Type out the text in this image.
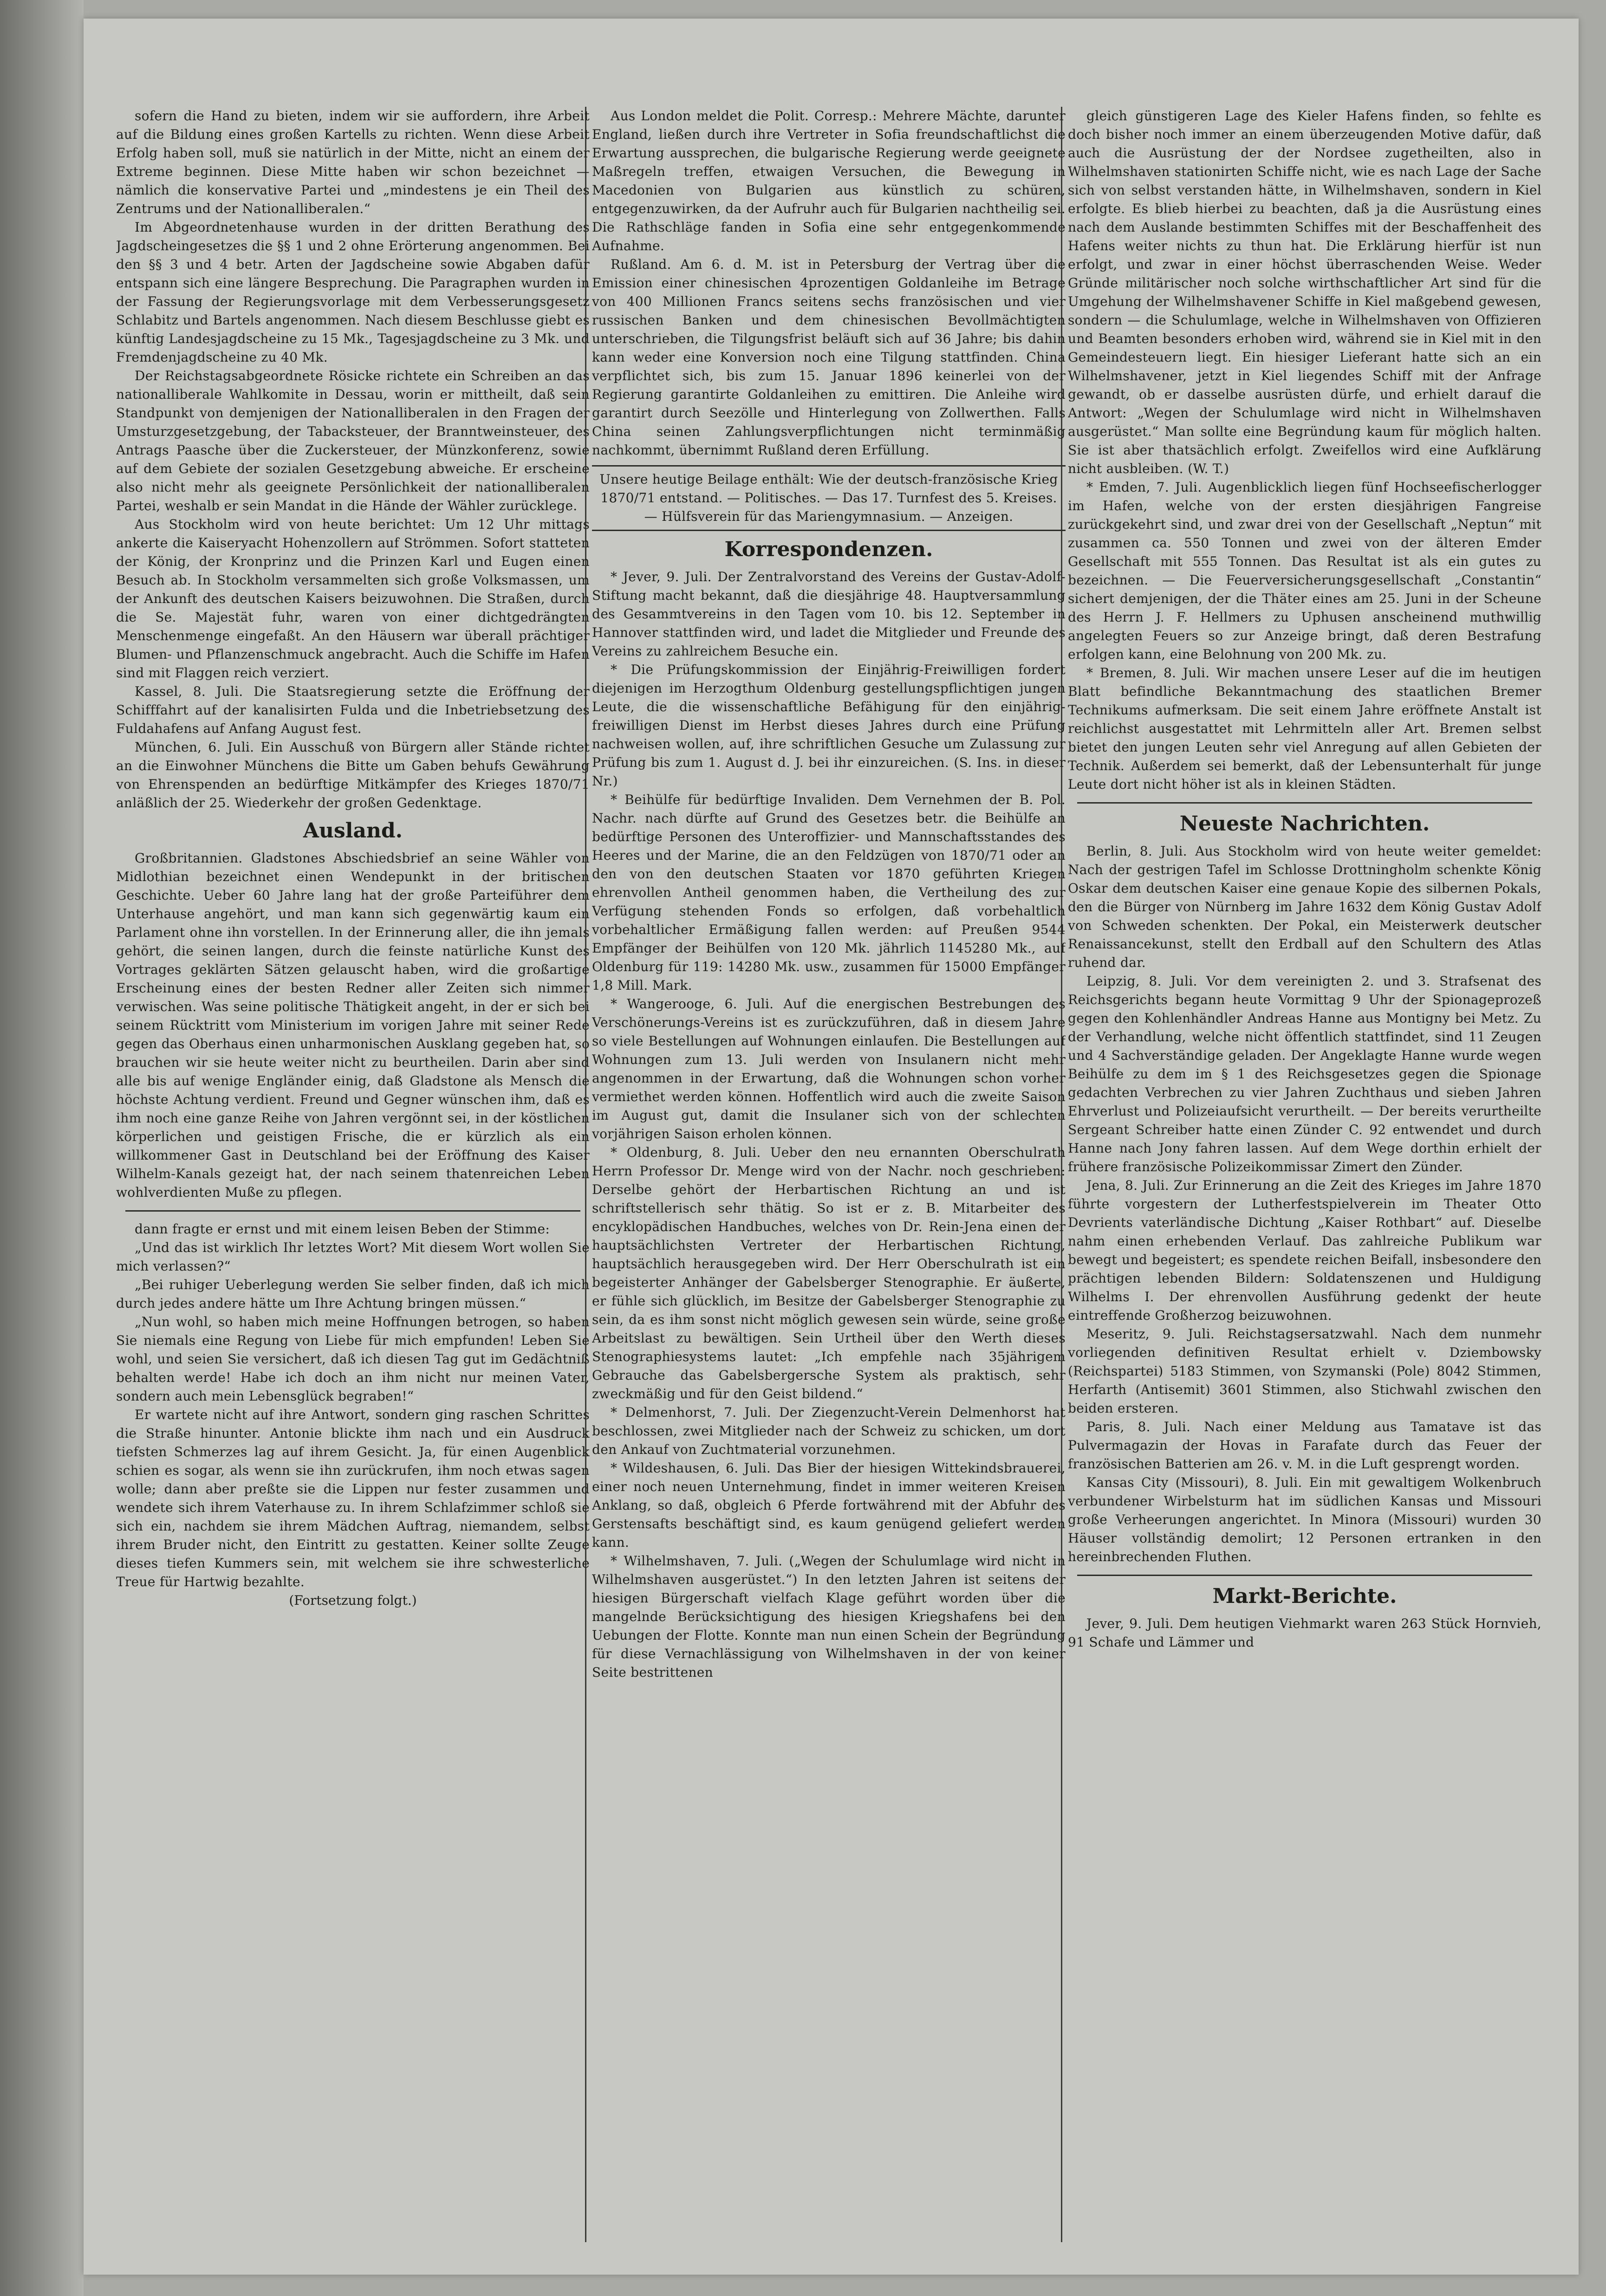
sofern die Hand zu bieten, indem wir sie auffordern, ihre Arbeit auf die Bildung eines großen Kartells zu richten. Wenn diese Arbeit Erfolg haben soll, muß sie natürlich in der Mitte, nicht an einem der Extreme beginnen. Diese Mitte haben wir schon bezeichnet — nämlich die konservative Partei und „mindestens je ein Theil des Zentrums und der Nationalliberalen.“

Im Abgeordnetenhause wurden in der dritten Berathung des Jagdscheingesetzes die §§ 1 und 2 ohne Erörterung angenommen. Bei den §§ 3 und 4 betr. Arten der Jagdscheine sowie Abgaben dafür entspann sich eine längere Besprechung. Die Paragraphen wurden in der Fassung der Regierungsvorlage mit dem Verbesserungsgesetz Schlabitz und Bartels angenommen. Nach diesem Beschlusse giebt es künftig Landesjagdscheine zu 15 Mk., Tagesjagdscheine zu 3 Mk. und Fremdenjagdscheine zu 40 Mk.

Der Reichstagsabgeordnete Rösicke richtete ein Schreiben an das nationalliberale Wahlkomite in Dessau, worin er mittheilt, daß sein Standpunkt von demjenigen der Nationalliberalen in den Fragen der Umsturzgesetzgebung, der Tabacksteuer, der Branntweinsteuer, des Antrags Paasche über die Zuckersteuer, der Münzkonferenz, sowie auf dem Gebiete der sozialen Gesetzgebung abweiche. Er erscheine also nicht mehr als geeignete Persönlichkeit der nationalliberalen Partei, weshalb er sein Mandat in die Hände der Wähler zurücklege.

Aus Stockholm wird von heute berichtet: Um 12 Uhr mittags ankerte die Kaiseryacht Hohenzollern auf Strömmen. Sofort statteten der König, der Kronprinz und die Prinzen Karl und Eugen einen Besuch ab. In Stockholm versammelten sich große Volksmassen, um der Ankunft des deutschen Kaisers beizuwohnen. Die Straßen, durch die Se. Majestät fuhr, waren von einer dichtgedrängten Menschenmenge eingefaßt. An den Häusern war überall prächtiger Blumen- und Pflanzenschmuck angebracht. Auch die Schiffe im Hafen sind mit Flaggen reich verziert.

Kassel, 8. Juli. Die Staatsregierung setzte die Eröffnung der Schifffahrt auf der kanalisirten Fulda und die Inbetriebsetzung des Fuldahafens auf Anfang August fest.

München, 6. Juli. Ein Ausschuß von Bürgern aller Stände richtet an die Einwohner Münchens die Bitte um Gaben behufs Gewährung von Ehrenspenden an bedürftige Mitkämpfer des Krieges 1870/71 anläßlich der 25. Wiederkehr der großen Gedenktage.

Ausland.

Großbritannien. Gladstones Abschiedsbrief an seine Wähler von Midlothian bezeichnet einen Wendepunkt in der britischen Geschichte. Ueber 60 Jahre lang hat der große Parteiführer dem Unterhause angehört, und man kann sich gegenwärtig kaum ein Parlament ohne ihn vorstellen. In der Erinnerung aller, die ihn jemals gehört, die seinen langen, durch die feinste natürliche Kunst des Vortrages geklärten Sätzen gelauscht haben, wird die großartige Erscheinung eines der besten Redner aller Zeiten sich nimmer verwischen. Was seine politische Thätigkeit angeht, in der er sich bei seinem Rücktritt vom Ministerium im vorigen Jahre mit seiner Rede gegen das Oberhaus einen unharmonischen Ausklang gegeben hat, so brauchen wir sie heute weiter nicht zu beurtheilen. Darin aber sind alle bis auf wenige Engländer einig, daß Gladstone als Mensch die höchste Achtung verdient. Freund und Gegner wünschen ihm, daß es ihm noch eine ganze Reihe von Jahren vergönnt sei, in der köstlichen körperlichen und geistigen Frische, die er kürzlich als ein willkommener Gast in Deutschland bei der Eröffnung des Kaiser Wilhelm-Kanals gezeigt hat, der nach seinem thatenreichen Leben wohlverdienten Muße zu pflegen.

dann fragte er ernst und mit einem leisen Beben der Stimme:

„Und das ist wirklich Ihr letztes Wort? Mit diesem Wort wollen Sie mich verlassen?“

„Bei ruhiger Ueberlegung werden Sie selber finden, daß ich mich durch jedes andere hätte um Ihre Achtung bringen müssen.“

„Nun wohl, so haben mich meine Hoffnungen betrogen, so haben Sie niemals eine Regung von Liebe für mich empfunden! Leben Sie wohl, und seien Sie versichert, daß ich diesen Tag gut im Gedächtniß behalten werde! Habe ich doch an ihm nicht nur meinen Vater, sondern auch mein Lebensglück begraben!“

Er wartete nicht auf ihre Antwort, sondern ging raschen Schrittes die Straße hinunter. Antonie blickte ihm nach und ein Ausdruck tiefsten Schmerzes lag auf ihrem Gesicht. Ja, für einen Augenblick schien es sogar, als wenn sie ihn zurückrufen, ihm noch etwas sagen wolle; dann aber preßte sie die Lippen nur fester zusammen und wendete sich ihrem Vaterhause zu. In ihrem Schlafzimmer schloß sie sich ein, nachdem sie ihrem Mädchen Auftrag, niemandem, selbst ihrem Bruder nicht, den Eintritt zu gestatten. Keiner sollte Zeuge dieses tiefen Kummers sein, mit welchem sie ihre schwesterliche Treue für Hartwig bezahlte.

(Fortsetzung folgt.)

Aus London meldet die Polit. Corresp.: Mehrere Mächte, darunter England, ließen durch ihre Vertreter in Sofia freundschaftlichst die Erwartung aussprechen, die bulgarische Regierung werde geeignete Maßregeln treffen, etwaigen Versuchen, die Bewegung in Macedonien von Bulgarien aus künstlich zu schüren, entgegenzuwirken, da der Aufruhr auch für Bulgarien nachtheilig sei. Die Rathschläge fanden in Sofia eine sehr entgegenkommende Aufnahme.

Rußland. Am 6. d. M. ist in Petersburg der Vertrag über die Emission einer chinesischen 4prozentigen Goldanleihe im Betrage von 400 Millionen Francs seitens sechs französischen und vier russischen Banken und dem chinesischen Bevollmächtigten unterschrieben, die Tilgungsfrist beläuft sich auf 36 Jahre; bis dahin kann weder eine Konversion noch eine Tilgung stattfinden. China verpflichtet sich, bis zum 15. Januar 1896 keinerlei von der Regierung garantirte Goldanleihen zu emittiren. Die Anleihe wird garantirt durch Seezölle und Hinterlegung von Zollwerthen. Falls China seinen Zahlungsverpflichtungen nicht terminmäßig nachkommt, übernimmt Rußland deren Erfüllung.

Unsere heutige Beilage enthält: Wie der deutsch-französische Krieg 1870/71 entstand. — Politisches. — Das 17. Turnfest des 5. Kreises. — Hülfsverein für das Mariengymnasium. — Anzeigen.

Korrespondenzen.

* Jever, 9. Juli. Der Zentralvorstand des Vereins der Gustav-Adolf-Stiftung macht bekannt, daß die diesjährige 48. Hauptversammlung des Gesammtvereins in den Tagen vom 10. bis 12. September in Hannover stattfinden wird, und ladet die Mitglieder und Freunde des Vereins zu zahlreichem Besuche ein.

* Die Prüfungskommission der Einjährig-Freiwilligen fordert diejenigen im Herzogthum Oldenburg gestellungspflichtigen jungen Leute, die die wissenschaftliche Befähigung für den einjährig-freiwilligen Dienst im Herbst dieses Jahres durch eine Prüfung nachweisen wollen, auf, ihre schriftlichen Gesuche um Zulassung zur Prüfung bis zum 1. August d. J. bei ihr einzureichen. (S. Ins. in dieser Nr.)

* Beihülfe für bedürftige Invaliden. Dem Vernehmen der B. Pol. Nachr. nach dürfte auf Grund des Gesetzes betr. die Beihülfe an bedürftige Personen des Unteroffizier- und Mannschaftsstandes des Heeres und der Marine, die an den Feldzügen von 1870/71 oder an den von den deutschen Staaten vor 1870 geführten Kriegen ehrenvollen Antheil genommen haben, die Vertheilung des zur Verfügung stehenden Fonds so erfolgen, daß vorbehaltlich vorbehaltlicher Ermäßigung fallen werden: auf Preußen 9544 Empfänger der Beihülfen von 120 Mk. jährlich 1145280 Mk., auf Oldenburg für 119: 14280 Mk. usw., zusammen für 15000 Empfänger 1,8 Mill. Mark.

* Wangerooge, 6. Juli. Auf die energischen Bestrebungen des Verschönerungs-Vereins ist es zurückzuführen, daß in diesem Jahre so viele Bestellungen auf Wohnungen einlaufen. Die Bestellungen auf Wohnungen zum 13. Juli werden von Insulanern nicht mehr angenommen in der Erwartung, daß die Wohnungen schon vorher vermiethet werden können. Hoffentlich wird auch die zweite Saison im August gut, damit die Insulaner sich von der schlechten vorjährigen Saison erholen können.

* Oldenburg, 8. Juli. Ueber den neu ernannten Oberschulrath Herrn Professor Dr. Menge wird von der Nachr. noch geschrieben: Derselbe gehört der Herbartischen Richtung an und ist schriftstellerisch sehr thätig. So ist er z. B. Mitarbeiter des encyklopädischen Handbuches, welches von Dr. Rein-Jena einen der hauptsächlichsten Vertreter der Herbartischen Richtung, hauptsächlich herausgegeben wird. Der Herr Oberschulrath ist ein begeisterter Anhänger der Gabelsberger Stenographie. Er äußerte, er fühle sich glücklich, im Besitze der Gabelsberger Stenographie zu sein, da es ihm sonst nicht möglich gewesen sein würde, seine große Arbeitslast zu bewältigen. Sein Urtheil über den Werth dieses Stenographiesystems lautet: „Ich empfehle nach 35jährigem Gebrauche das Gabelsbergersche System als praktisch, sehr zweckmäßig und für den Geist bildend.“

* Delmenhorst, 7. Juli. Der Ziegenzucht-Verein Delmenhorst hat beschlossen, zwei Mitglieder nach der Schweiz zu schicken, um dort den Ankauf von Zuchtmaterial vorzunehmen.

* Wildeshausen, 6. Juli. Das Bier der hiesigen Wittekindsbrauerei, einer noch neuen Unternehmung, findet in immer weiteren Kreisen Anklang, so daß, obgleich 6 Pferde fortwährend mit der Abfuhr des Gerstensafts beschäftigt sind, es kaum genügend geliefert werden kann.

* Wilhelmshaven, 7. Juli. („Wegen der Schulumlage wird nicht in Wilhelmshaven ausgerüstet.“) In den letzten Jahren ist seitens der hiesigen Bürgerschaft vielfach Klage geführt worden über die mangelnde Berücksichtigung des hiesigen Kriegshafens bei den Uebungen der Flotte. Konnte man nun einen Schein der Begründung für diese Vernachlässigung von Wilhelmshaven in der von keiner Seite bestrittenen

gleich günstigeren Lage des Kieler Hafens finden, so fehlte es doch bisher noch immer an einem überzeugenden Motive dafür, daß auch die Ausrüstung der der Nordsee zugetheilten, also in Wilhelmshaven stationirten Schiffe nicht, wie es nach Lage der Sache sich von selbst verstanden hätte, in Wilhelmshaven, sondern in Kiel erfolgte. Es blieb hierbei zu beachten, daß ja die Ausrüstung eines nach dem Auslande bestimmten Schiffes mit der Beschaffenheit des Hafens weiter nichts zu thun hat. Die Erklärung hierfür ist nun erfolgt, und zwar in einer höchst überraschenden Weise. Weder Gründe militärischer noch solche wirthschaftlicher Art sind für die Umgehung der Wilhelmshavener Schiffe in Kiel maßgebend gewesen, sondern — die Schulumlage, welche in Wilhelmshaven von Offizieren und Beamten besonders erhoben wird, während sie in Kiel mit in den Gemeindesteuern liegt. Ein hiesiger Lieferant hatte sich an ein Wilhelmshavener, jetzt in Kiel liegendes Schiff mit der Anfrage gewandt, ob er dasselbe ausrüsten dürfe, und erhielt darauf die Antwort: „Wegen der Schulumlage wird nicht in Wilhelmshaven ausgerüstet.“ Man sollte eine Begründung kaum für möglich halten. Sie ist aber thatsächlich erfolgt. Zweifellos wird eine Aufklärung nicht ausbleiben. (W. T.)

* Emden, 7. Juli. Augenblicklich liegen fünf Hochseefischerlogger im Hafen, welche von der ersten diesjährigen Fangreise zurückgekehrt sind, und zwar drei von der Gesellschaft „Neptun“ mit zusammen ca. 550 Tonnen und zwei von der älteren Emder Gesellschaft mit 555 Tonnen. Das Resultat ist als ein gutes zu bezeichnen. — Die Feuerversicherungsgesellschaft „Constantin“ sichert demjenigen, der die Thäter eines am 25. Juni in der Scheune des Herrn J. F. Hellmers zu Uphusen anscheinend muthwillig angelegten Feuers so zur Anzeige bringt, daß deren Bestrafung erfolgen kann, eine Belohnung von 200 Mk. zu.

* Bremen, 8. Juli. Wir machen unsere Leser auf die im heutigen Blatt befindliche Bekanntmachung des staatlichen Bremer Technikums aufmerksam. Die seit einem Jahre eröffnete Anstalt ist reichlichst ausgestattet mit Lehrmitteln aller Art. Bremen selbst bietet den jungen Leuten sehr viel Anregung auf allen Gebieten der Technik. Außerdem sei bemerkt, daß der Lebensunterhalt für junge Leute dort nicht höher ist als in kleinen Städten.

Neueste Nachrichten.

Berlin, 8. Juli. Aus Stockholm wird von heute weiter gemeldet: Nach der gestrigen Tafel im Schlosse Drottningholm schenkte König Oskar dem deutschen Kaiser eine genaue Kopie des silbernen Pokals, den die Bürger von Nürnberg im Jahre 1632 dem König Gustav Adolf von Schweden schenkten. Der Pokal, ein Meisterwerk deutscher Renaissancekunst, stellt den Erdball auf den Schultern des Atlas ruhend dar.

Leipzig, 8. Juli. Vor dem vereinigten 2. und 3. Strafsenat des Reichsgerichts begann heute Vormittag 9 Uhr der Spionageprozeß gegen den Kohlenhändler Andreas Hanne aus Montigny bei Metz. Zu der Verhandlung, welche nicht öffentlich stattfindet, sind 11 Zeugen und 4 Sachverständige geladen. Der Angeklagte Hanne wurde wegen Beihülfe zu dem im § 1 des Reichsgesetzes gegen die Spionage gedachten Verbrechen zu vier Jahren Zuchthaus und sieben Jahren Ehrverlust und Polizeiaufsicht verurtheilt. — Der bereits verurtheilte Sergeant Schreiber hatte einen Zünder C. 92 entwendet und durch Hanne nach Jony fahren lassen. Auf dem Wege dorthin erhielt der frühere französische Polizeikommissar Zimert den Zünder.

Jena, 8. Juli. Zur Erinnerung an die Zeit des Krieges im Jahre 1870 führte vorgestern der Lutherfestspielverein im Theater Otto Devrients vaterländische Dichtung „Kaiser Rothbart“ auf. Dieselbe nahm einen erhebenden Verlauf. Das zahlreiche Publikum war bewegt und begeistert; es spendete reichen Beifall, insbesondere den prächtigen lebenden Bildern: Soldatenszenen und Huldigung Wilhelms I. Der ehrenvollen Ausführung gedenkt der heute eintreffende Großherzog beizuwohnen.

Meseritz, 9. Juli. Reichstagsersatzwahl. Nach dem nunmehr vorliegenden definitiven Resultat erhielt v. Dziembowsky (Reichspartei) 5183 Stimmen, von Szymanski (Pole) 8042 Stimmen, Herfarth (Antisemit) 3601 Stimmen, also Stichwahl zwischen den beiden ersteren.

Paris, 8. Juli. Nach einer Meldung aus Tamatave ist das Pulvermagazin der Hovas in Farafate durch das Feuer der französischen Batterien am 26. v. M. in die Luft gesprengt worden.

Kansas City (Missouri), 8. Juli. Ein mit gewaltigem Wolkenbruch verbundener Wirbelsturm hat im südlichen Kansas und Missouri große Verheerungen angerichtet. In Minora (Missouri) wurden 30 Häuser vollständig demolirt; 12 Personen ertranken in den hereinbrechenden Fluthen.

Markt-Berichte.

Jever, 9. Juli. Dem heutigen Viehmarkt waren 263 Stück Hornvieh, 91 Schafe und Lämmer und
